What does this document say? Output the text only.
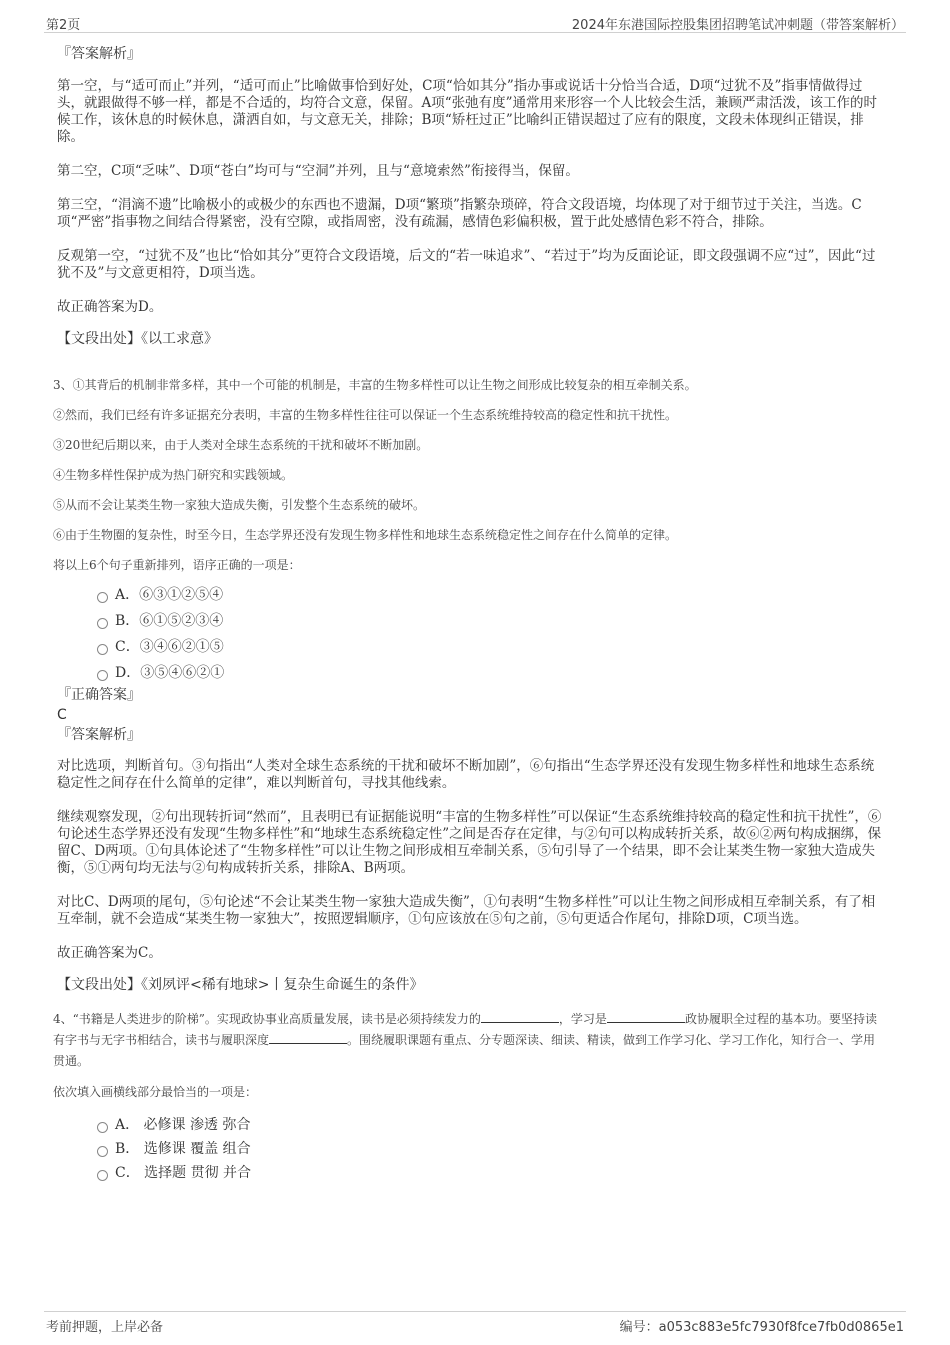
第2页	2024年东港国际控股集团招聘笔试冲刺题（带答案解析）

『答案解析』

第一空，与“适可而止”并列，“适可而止”比喻做事恰到好处，C项“恰如其分”指办事或说话十分恰当合适，D项“过犹不及”指事情做得过头，就跟做得不够一样，都是不合适的，均符合文意，保留。A项“张弛有度”通常用来形容一个人比较会生活，兼顾严肃活泼，该工作的时候工作，该休息的时候休息，潇洒自如，与文意无关，排除；B项“矫枉过正”比喻纠正错误超过了应有的限度，文段未体现纠正错误，排除。

第二空，C项“乏味”、D项“苍白”均可与“空洞”并列，且与“意境索然”衔接得当，保留。

第三空，“涓滴不遗”比喻极小的或极少的东西也不遗漏，D项“繁琐”指繁杂琐碎，符合文段语境，均体现了对于细节过于关注，当选。C项“严密”指事物之间结合得紧密，没有空隙，或指周密，没有疏漏，感情色彩偏积极，置于此处感情色彩不符合，排除。

反观第一空，“过犹不及”也比“恰如其分”更符合文段语境，后文的“若一味追求”、“若过于”均为反面论证，即文段强调不应“过”，因此“过犹不及”与文意更相符，D项当选。

故正确答案为D。

【文段出处】《以工求意》

3、①其背后的机制非常多样，其中一个可能的机制是，丰富的生物多样性可以让生物之间形成比较复杂的相互牵制关系。

②然而，我们已经有许多证据充分表明，丰富的生物多样性往往可以保证一个生态系统维持较高的稳定性和抗干扰性。

③20世纪后期以来，由于人类对全球生态系统的干扰和破坏不断加剧。

④生物多样性保护成为热门研究和实践领域。

⑤从而不会让某类生物一家独大造成失衡，引发整个生态系统的破坏。

⑥由于生物圈的复杂性，时至今日，生态学界还没有发现生物多样性和地球生态系统稳定性之间存在什么简单的定律。

将以上6个句子重新排列，语序正确的一项是：

A．⑥③①②⑤④

B．⑥①⑤②③④

C．③④⑥②①⑤

D．③⑤④⑥②①

『正确答案』

C

『答案解析』

对比选项，判断首句。③句指出“人类对全球生态系统的干扰和破坏不断加剧”，⑥句指出“生态学界还没有发现生物多样性和地球生态系统稳定性之间存在什么简单的定律”，难以判断首句，寻找其他线索。

继续观察发现，②句出现转折词“然而”，且表明已有证据能说明“丰富的生物多样性”可以保证“生态系统维持较高的稳定性和抗干扰性”，⑥句论述生态学界还没有发现“生物多样性”和“地球生态系统稳定性”之间是否存在定律，与②句可以构成转折关系，故⑥②两句构成捆绑，保留C、D两项。①句具体论述了“生物多样性”可以让生物之间形成相互牵制关系，⑤句引导了一个结果，即不会让某类生物一家独大造成失衡，⑤①两句均无法与②句构成转折关系，排除A、B两项。

对比C、D两项的尾句，⑤句论述“不会让某类生物一家独大造成失衡”，①句表明“生物多样性”可以让生物之间形成相互牵制关系，有了相互牵制，就不会造成“某类生物一家独大”，按照逻辑顺序，①句应该放在⑤句之前，⑤句更适合作尾句，排除D项，C项当选。

故正确答案为C。

【文段出处】《刘夙评<稀有地球>丨复杂生命诞生的条件》

4、“书籍是人类进步的阶梯”。实现政协事业高质量发展，读书是必须持续发力的	，学习是	政协履职全过程的基本功。要坚持读有字书与无字书相结合，读书与履职深度	。围绕履职课题有重点、分专题深读、细读、精读，做到工作学习化、学习工作化，知行合一、学用贯通。

依次填入画横线部分最恰当的一项是：

A． 必修课 渗透 弥合

B． 选修课 覆盖 组合

C． 选择题 贯彻 并合

考前押题，上岸必备	编号：a053c883e5fc7930f8fce7fb0d0865e1
